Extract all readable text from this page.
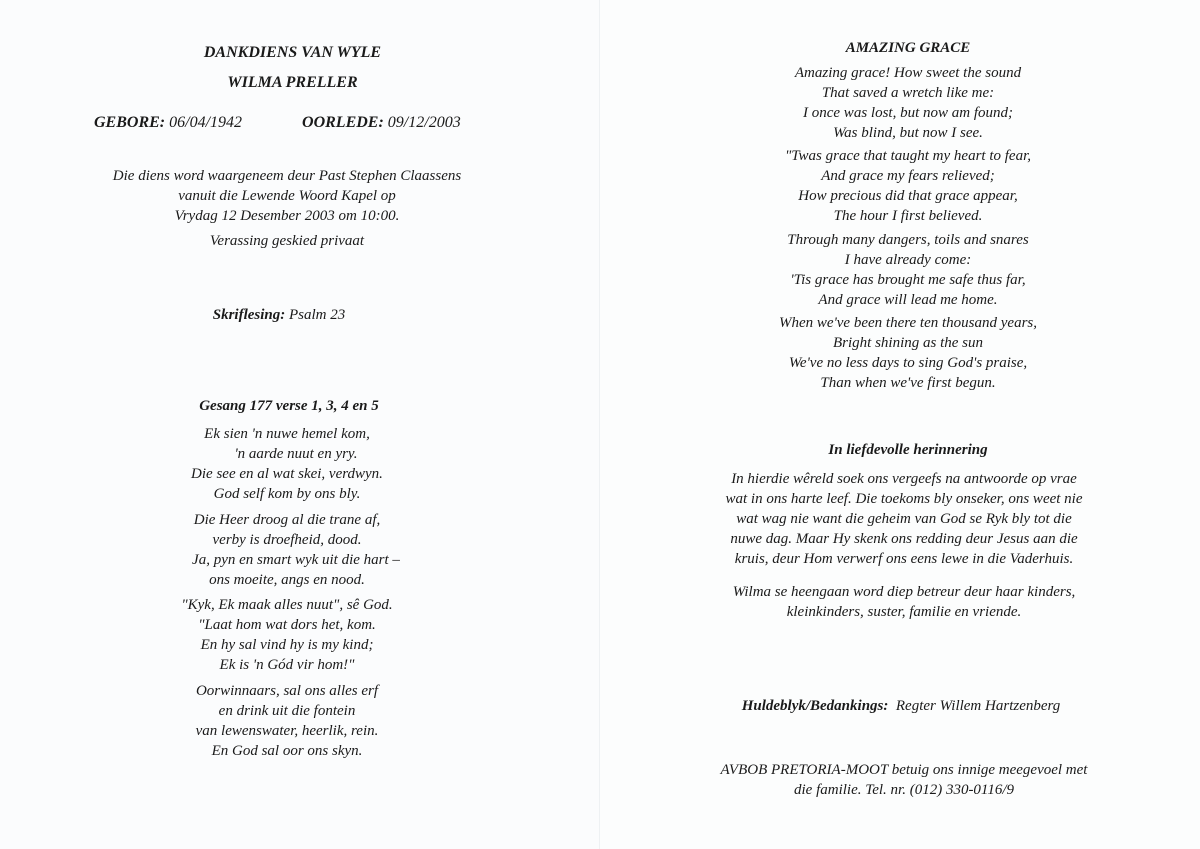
DANKDIENS VAN WYLE
WILMA PRELLER
GEBORE: 06/04/1942	OORLEDE: 09/12/2003
Die diens word waargeneem deur Past Stephen Claassens
vanuit die Lewende Woord Kapel op
Vrydag 12 Desember 2003 om 10:00.
Verassing geskied privaat
Skriflesing: Psalm 23
Gesang 177 verse 1, 3, 4 en 5
Ek sien 'n nuwe hemel kom,
'n aarde nuut en yry.
Die see en al wat skei, verdwyn.
God self kom by ons bly.
Die Heer droog al die trane af,
verby is droefheid, dood.
Ja, pyn en smart wyk uit die hart –
ons moeite, angs en nood.
"Kyk, Ek maak alles nuut", sê God.
"Laat hom wat dors het, kom.
En hy sal vind hy is my kind;
Ek is 'n Gód vir hom!"
Oorwinnaars, sal ons alles erf
en drink uit die fontein
van lewenswater, heerlik, rein.
En God sal oor ons skyn.
AMAZING GRACE
Amazing grace! How sweet the sound
That saved a wretch like me:
I once was lost, but now am found;
Was blind, but now I see.
"Twas grace that taught my heart to fear,
And grace my fears relieved;
How precious did that grace appear,
The hour I first believed.
Through many dangers, toils and snares
I have already come:
'Tis grace has brought me safe thus far,
And grace will lead me home.
When we've been there ten thousand years,
Bright shining as the sun
We've no less days to sing God's praise,
Than when we've first begun.
In liefdevolle herinnering
In hierdie wêreld soek ons vergeefs na antwoorde op vrae
wat in ons harte leef. Die toekoms bly onseker, ons weet nie
wat wag nie want die geheim van God se Ryk bly tot die
nuwe dag. Maar Hy skenk ons redding deur Jesus aan die
kruis, deur Hom verwerf ons eens lewe in die Vaderhuis.
Wilma se heengaan word diep betreur deur haar kinders,
kleinkinders, suster, familie en vriende.
Huldeblyk/Bedankings: Regter Willem Hartzenberg
AVBOB PRETORIA-MOOT betuig ons innige meegevoel met
die familie. Tel. nr. (012) 330-0116/9
